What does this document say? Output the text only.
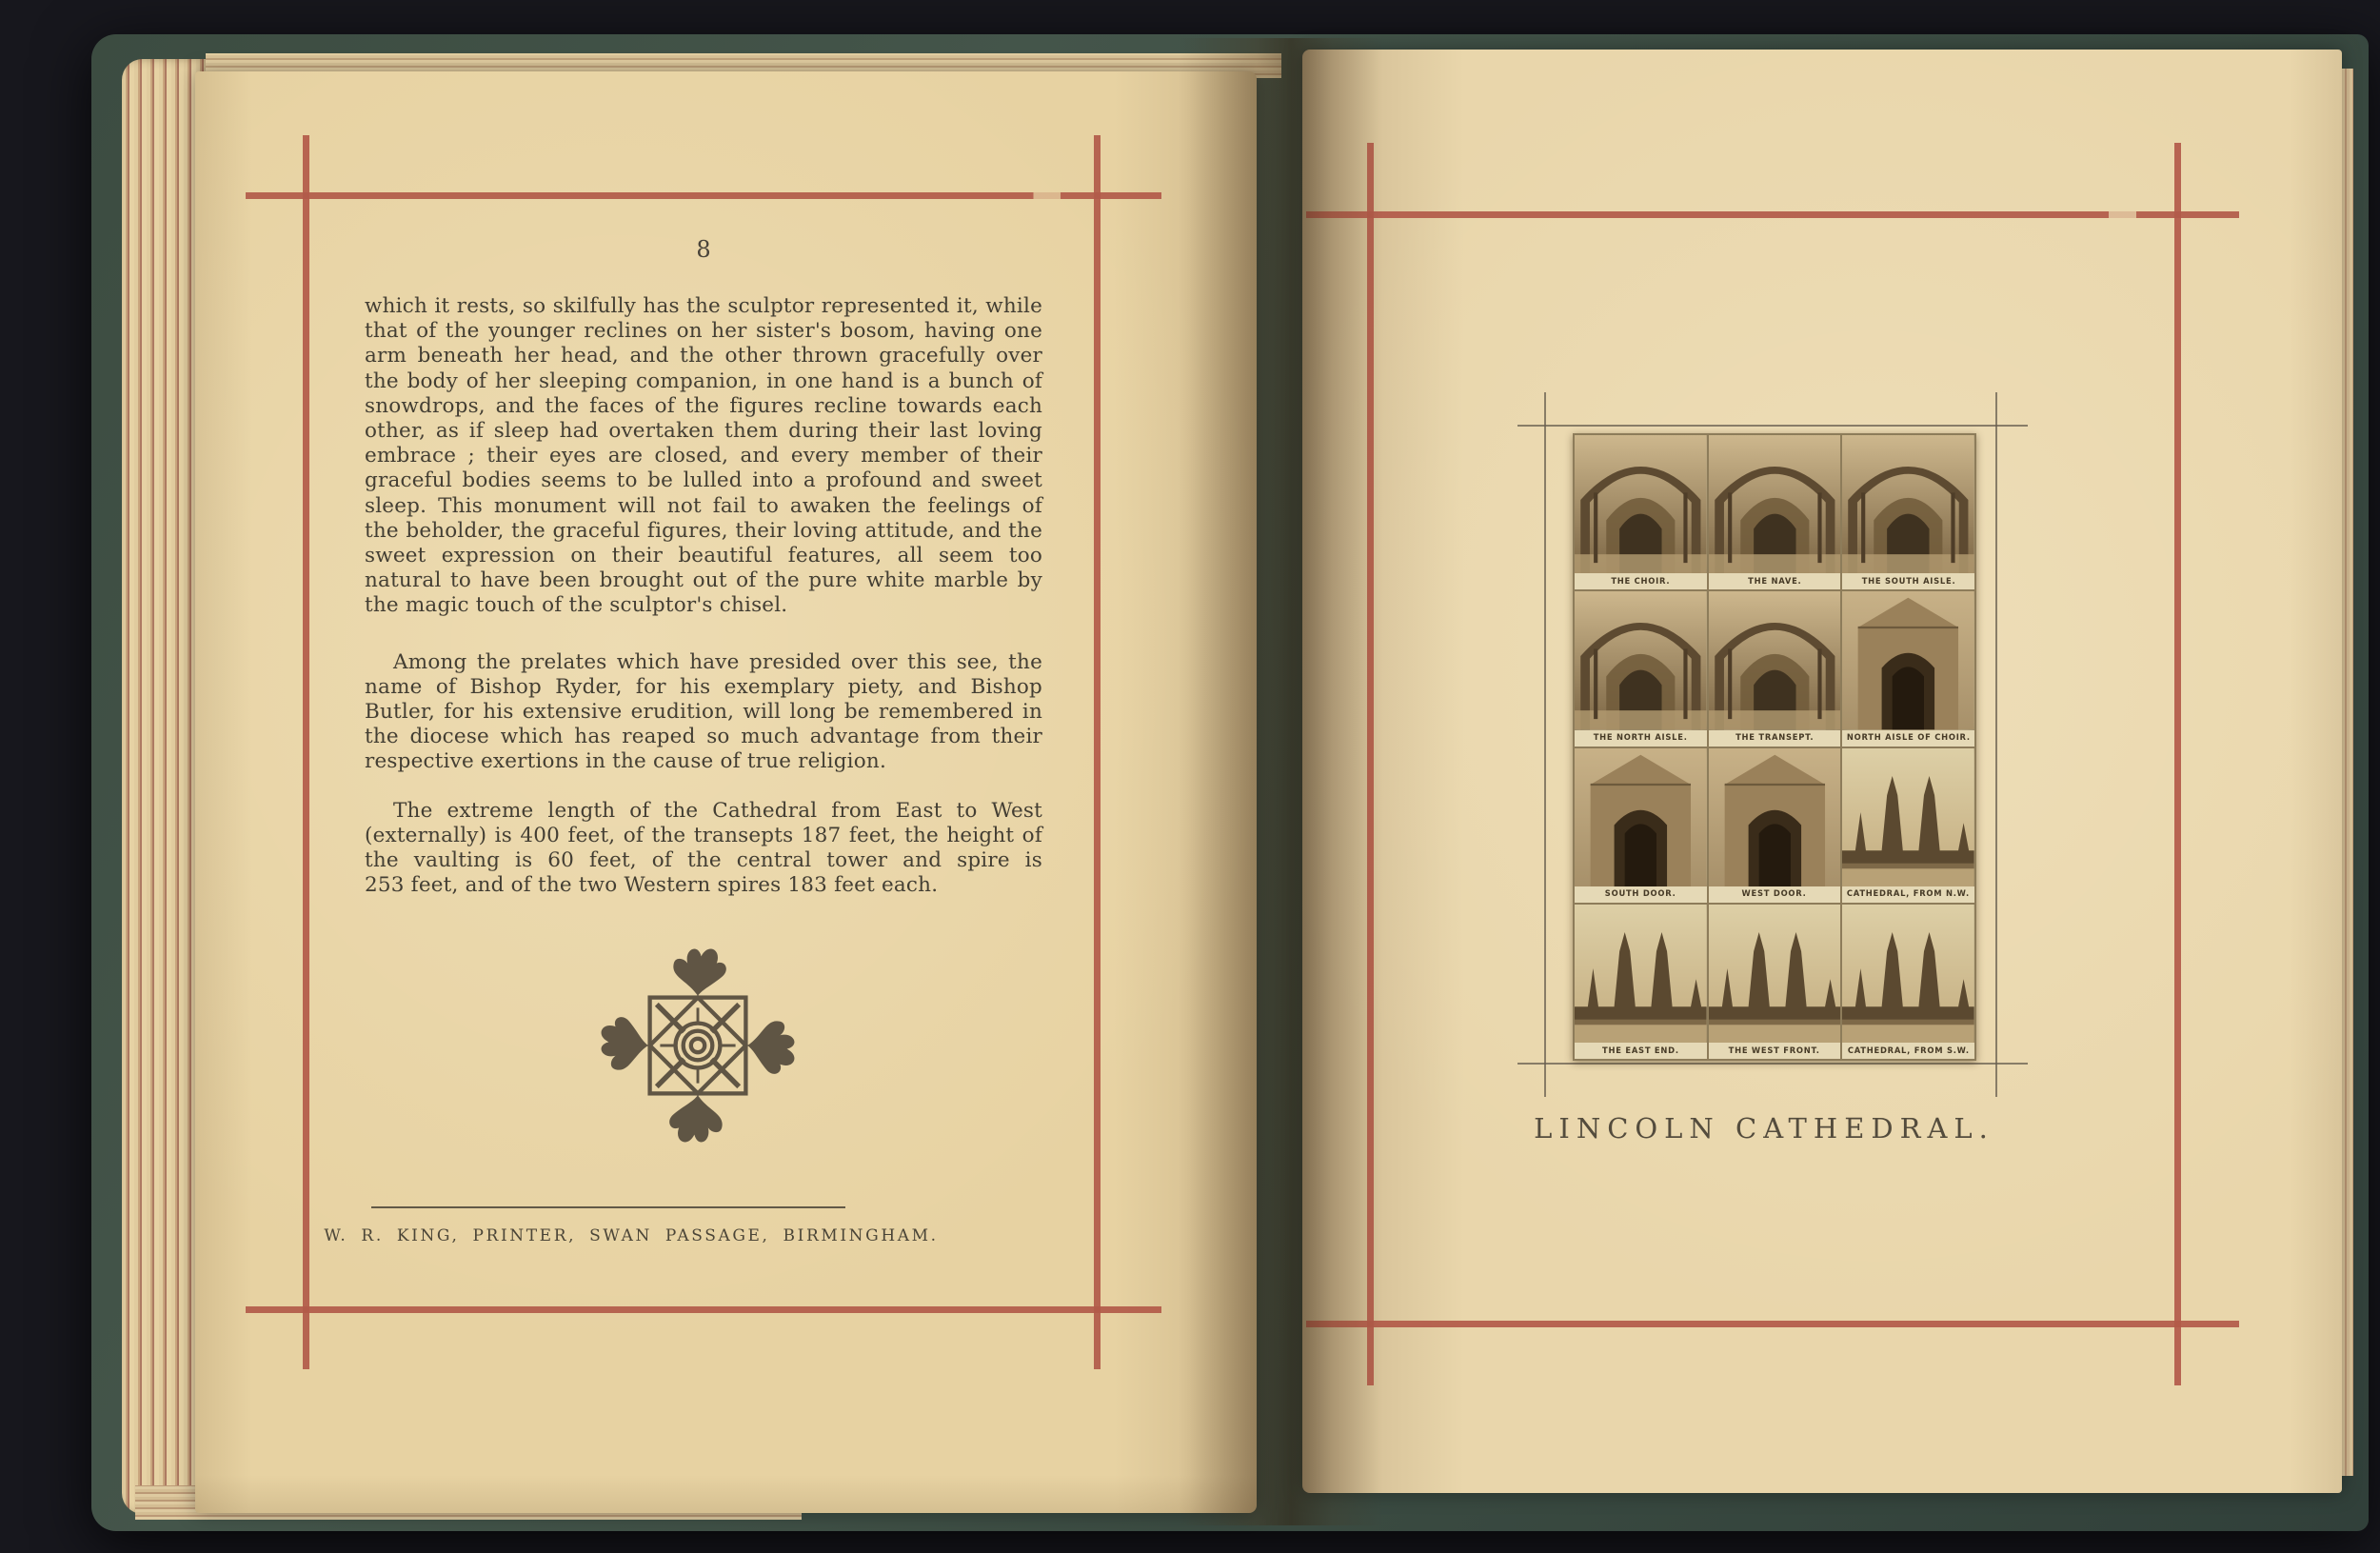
8
which it rests, so skilfully has the sculptor represented it, while
that of the younger reclines on her sister's bosom, having one
arm beneath her head, and the other thrown gracefully over
the body of her sleeping companion, in one hand is a bunch of
snowdrops, and the faces of the figures recline towards each
other, as if sleep had overtaken them during their last loving
embrace ; their eyes are closed, and every member of their
graceful bodies seems to be lulled into a profound and sweet
sleep. This monument will not fail to awaken the feelings of
the beholder, the graceful figures, their loving attitude, and the
sweet expression on their beautiful features, all seem too
natural to have been brought out of the pure white marble by
the magic touch of the sculptor's chisel.
Among the prelates which have presided over this see, the
name of Bishop Ryder, for his exemplary piety, and Bishop
Butler, for his extensive erudition, will long be remembered in
the diocese which has reaped so much advantage from their
respective exertions in the cause of true religion.
The extreme length of the Cathedral from East to West
(externally) is 400 feet, of the transepts 187 feet, the height of
the vaulting is 60 feet, of the central tower and spire is
253 feet, and of the two Western spires 183 feet each.
W. R. KING, PRINTER, SWAN PASSAGE, BIRMINGHAM.
THE CHOIR.	THE NAVE.	THE SOUTH AISLE.
THE NORTH AISLE.	THE TRANSEPT.	NORTH AISLE OF CHOIR.
SOUTH DOOR.	WEST DOOR.	CATHEDRAL, FROM N.W.
THE EAST END.	THE WEST FRONT.	CATHEDRAL, FROM S.W.
LINCOLN CATHEDRAL.
